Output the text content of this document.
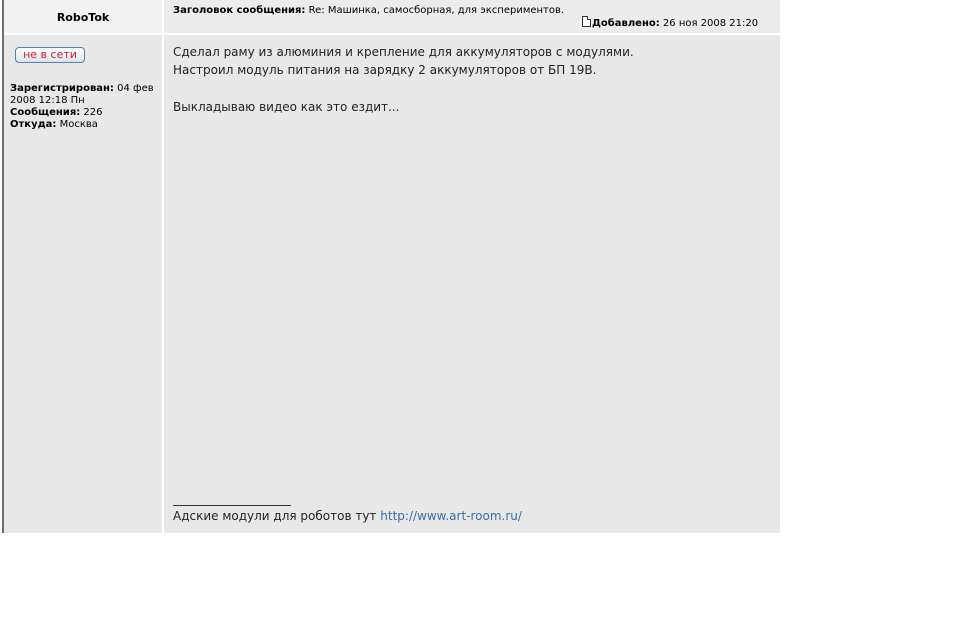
RoboTok
Заголовок сообщения: Re: Машинка, самосборная, для экспериментов.
Добавлено: 26 ноя 2008 21:20
не в сети
Зарегистрирован: 04 фев
2008 12:18 Пн
Сообщения: 226
Откуда: Москва
Сделал раму из алюминия и крепление для аккумуляторов с модулями.
Настроил модуль питания на зарядку 2 аккумуляторов от БП 19В.
Выкладываю видео как это ездит...
Адские модули для роботов тут http://www.art-room.ru/
